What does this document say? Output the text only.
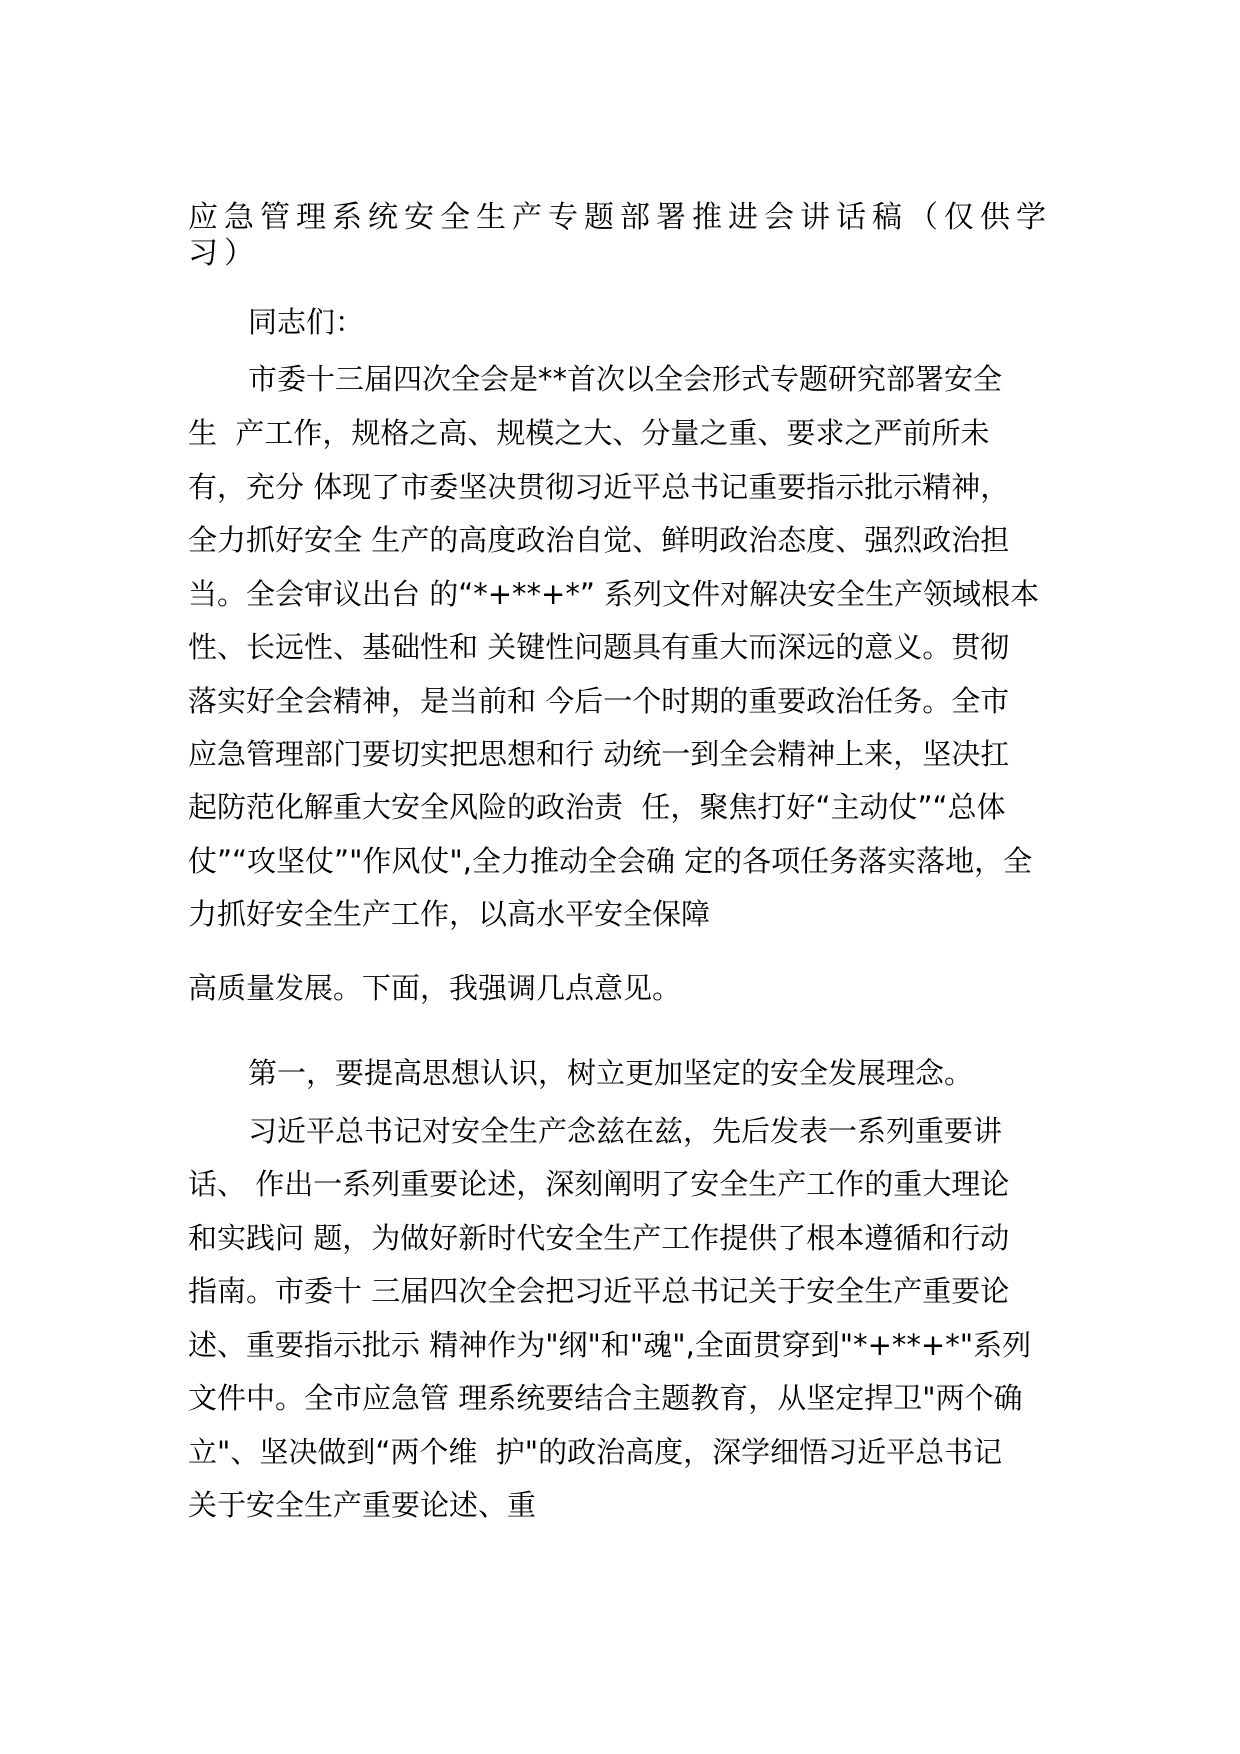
应急管理系统安全生产专题部署推进会讲话稿（仅供学
习）
同志们：
市委十三届四次全会是**首次以全会形式专题研究部署安全
生  产工作，规格之高、规模之大、分量之重、要求之严前所未
有，充分 体现了市委坚决贯彻习近平总书记重要指示批示精神，
全力抓好安全 生产的高度政治自觉、鲜明政治态度、强烈政治担
当。全会审议出台 的“*+**+*” 系列文件对解决安全生产领域根本
性、长远性、基础性和 关键性问题具有重大而深远的意义。贯彻
落实好全会精神，是当前和 今后一个时期的重要政治任务。全市
应急管理部门要切实把思想和行 动统一到全会精神上来，坚决扛
起防范化解重大安全风险的政治责  任，聚焦打好“主动仗”“总体
仗”“攻坚仗”"作风仗",全力推动全会确 定的各项任务落实落地，全
力抓好安全生产工作，以高水平安全保障
高质量发展。下面，我强调几点意见。
第一，要提高思想认识，树立更加坚定的安全发展理念。
习近平总书记对安全生产念兹在兹，先后发表一系列重要讲
话、 作出一系列重要论述，深刻阐明了安全生产工作的重大理论
和实践问 题，为做好新时代安全生产工作提供了根本遵循和行动
指南。市委十 三届四次全会把习近平总书记关于安全生产重要论
述、重要指示批示 精神作为"纲"和"魂",全面贯穿到"*+**+*"系列
文件中。全市应急管 理系统要结合主题教育，从坚定捍卫"两个确
立"、坚决做到“两个维  护"的政治高度，深学细悟习近平总书记
关于安全生产重要论述、重
